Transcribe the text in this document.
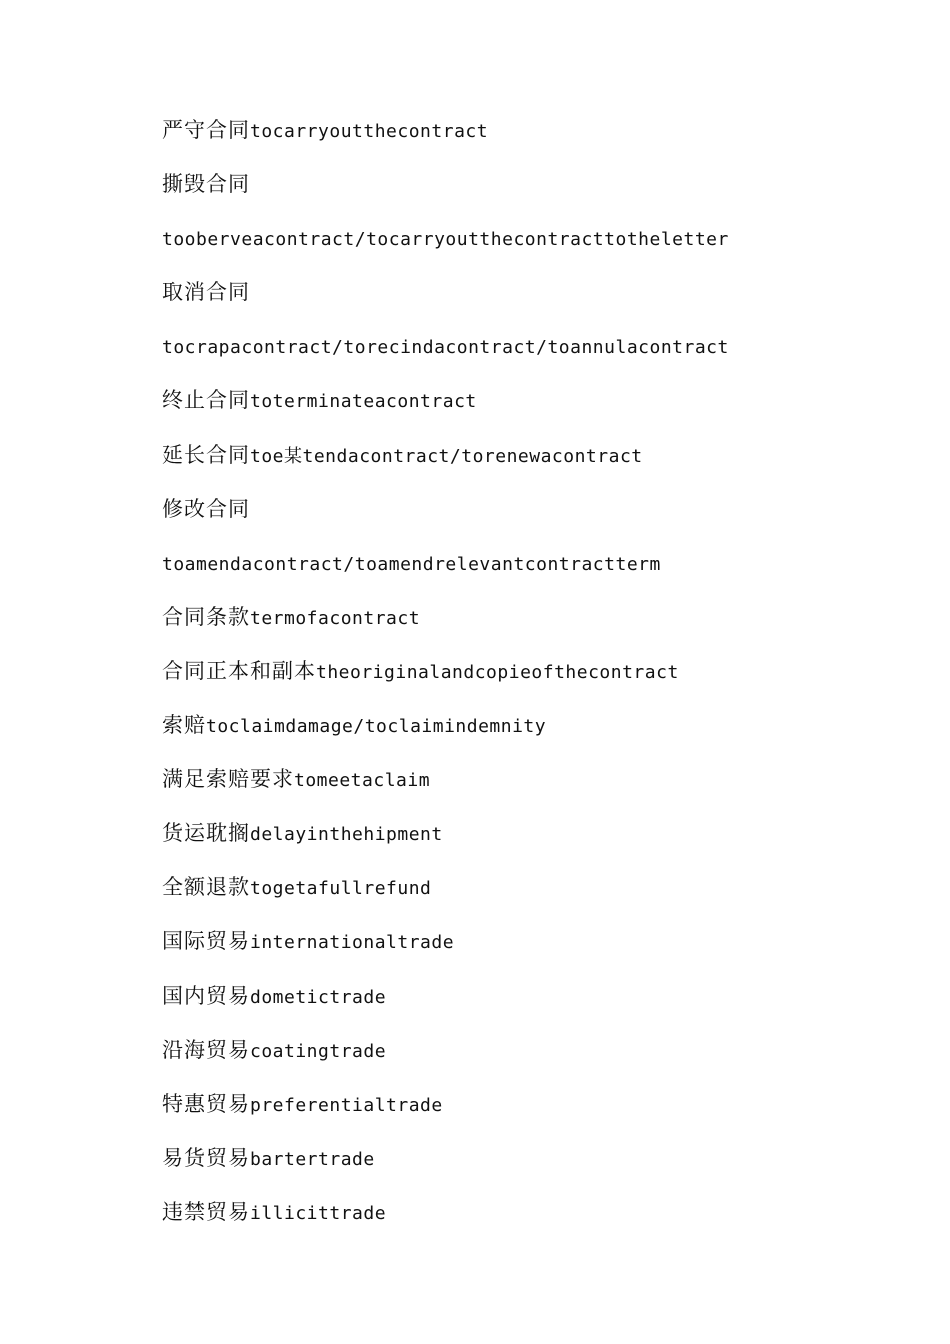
严守合同tocarryoutthecontract
撕毁合同
tooberveacontract/tocarryoutthecontracttotheletter
取消合同
tocrapacontract/torecindacontract/toannulacontract
终止合同toterminateacontract
延长合同toe某tendacontract/torenewacontract
修改合同
toamendacontract/toamendrelevantcontractterm
合同条款termofacontract
合同正本和副本theoriginalandcopieofthecontract
索赔toclaimdamage/toclaimindemnity
满足索赔要求tomeetaclaim
货运耽搁delayinthehipment
全额退款togetafullrefund
国际贸易internationaltrade
国内贸易dometictrade
沿海贸易coatingtrade
特惠贸易preferentialtrade
易货贸易bartertrade
违禁贸易illicittrade
